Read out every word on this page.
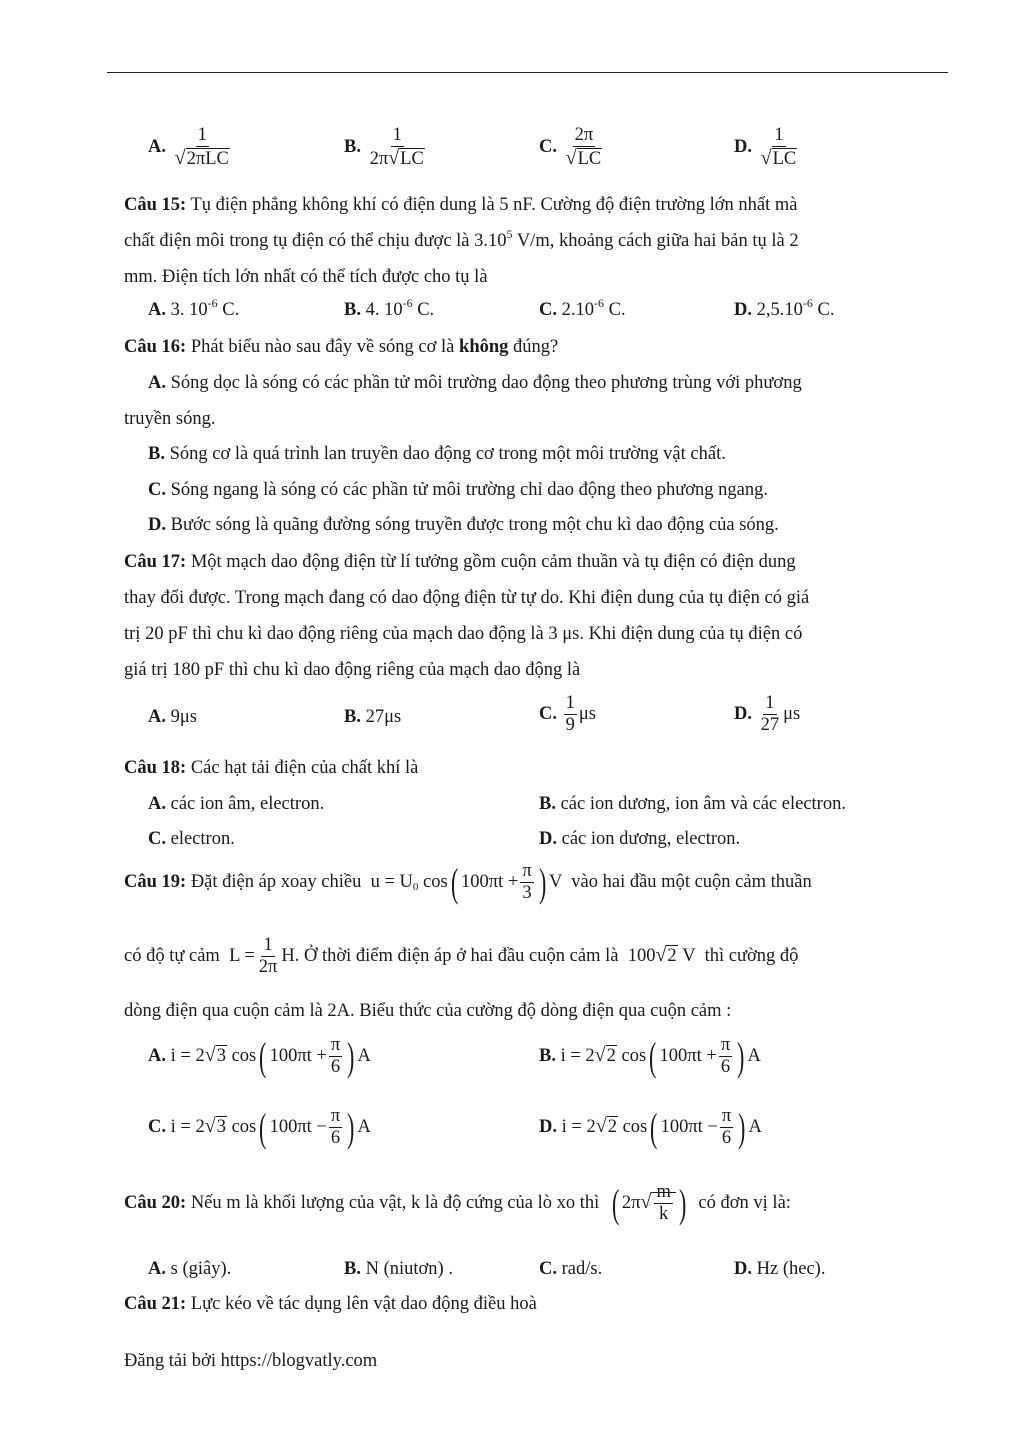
A. $\frac{1}{\text{√2πLC}}$	B. $\frac{1}{2\pi√LC}$	C. $\frac{2\pi}{√LC}$	D. $\frac{1}{√LC}$
Câu 15: Tụ điện phẳng không khí có điện dung là 5 nF. Cường độ điện trường lớn nhất mà
chất điện môi trong tụ điện có thể chịu được là 3.10$^5$ V/m, khoảng cách giữa hai bản tụ là 2
mm. Điện tích lớn nhất có thể tích được cho tụ là
A. 3. $10^{-6}$ C.	B. 4. $10^{-6}$ C.	C. $2.10^{-6}$ C.	D. $2,5.10^{-6}$ C.
Câu 16: Phát biểu nào sau đây về sóng cơ là không đúng?
A. Sóng dọc là sóng có các phần tử môi trường dao động theo phương trùng với phương
truyền sóng.
B. Sóng cơ là quá trình lan truyền dao động cơ trong một môi trường vật chất.
C. Sóng ngang là sóng có các phần tử môi trường chỉ dao động theo phương ngang.
D. Bước sóng là quãng đường sóng truyền được trong một chu kì dao động của sóng.
Câu 17: Một mạch dao động điện từ lí tưởng gồm cuộn cảm thuần và tụ điện có điện dung
thay đổi được. Trong mạch đang có dao động điện từ tự do. Khi điện dung của tụ điện có giá
trị 20 pF thì chu kì dao động riêng của mạch dao động là 3 μs. Khi điện dung của tụ điện có
giá trị 180 pF thì chu kì dao động riêng của mạch dao động là
A. 9μs	B. 27μs	C. $\frac{1}{9}$ μs	D. $\frac{1}{27}$ μs
Câu 18: Các hạt tải điện của chất khí là
A. các ion âm, electron.	B. các ion dương, ion âm và các electron.
C. electron.	D. các ion dương, electron.
Câu 19: Đặt điện áp xoay chiều $u = U_0$ cos( $100\pi t + \frac{\pi}{3}$ ) V vào hai đầu một cuộn cảm thuần
có độ tự cảm $L = \frac{1}{2\pi} H$. Ở thời điểm điện áp ở hai đầu cuộn cảm là 100√2 V thì cường độ
dòng điện qua cuộn cảm là 2A. Biểu thức của cường độ dòng điện qua cuộn cảm :
A. i = 2√3 cos( $100\pi t + \frac{\pi}{6}$ ) A	B. i = 2√2 cos( $100\pi t + \frac{\pi}{6}$ ) A
C. i = 2√3 cos( $100\pi t - \frac{\pi}{6}$ ) A	D. i = 2√2 cos( $100\pi t - \frac{\pi}{6}$ ) A
Câu 20: Nếu m là khối lượng của vật, k là độ cứng của lò xo thì ( $2\pi√ \frac{m}{k}$ ) có đơn vị là:
A. s (giây).	B. N (niutơn) .	C. rad/s.	D. Hz (hec).
Câu 21: Lực kéo về tác dụng lên vật dao động điều hoà
Đăng tải bởi https://blogvatly.com
